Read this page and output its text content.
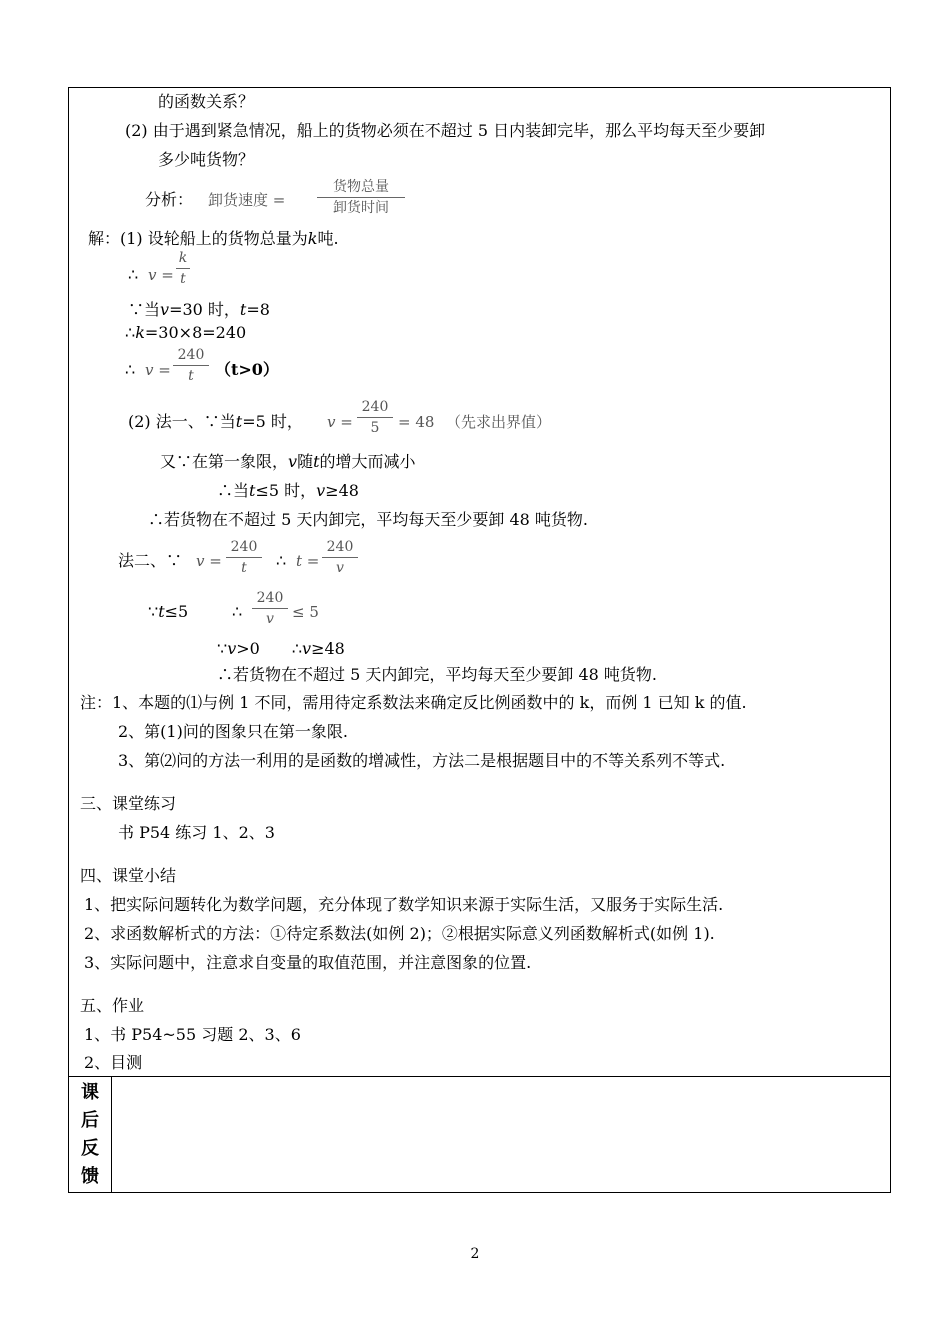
的函数关系？
(2) 由于遇到紧急情况，船上的货物必须在不超过 5 日内装卸完毕，那么平均每天至少要卸
多少吨货物？
分析： 卸货速度 =
货物总量
卸货时间
解：(1) 设轮船上的货物总量为k吨.
∴ v =
k
t
∵当v=30 时，t=8
∴k=30×8=240
∴ v =
240
t	（t>0）
(2) 法一、∵当t=5 时， v =
240
5	= 48 （先求出界值）
又∵在第一象限，v随t的增大而减小
∴当t≤5 时，v≥48
∴若货物在不超过 5 天内卸完，平均每天至少要卸 48 吨货物.
法二、∵ v =
240
t	∴ t =
240
v
∵t≤5	∴
240
v	≤ 5
∵v>0 ∴v≥48
∴若货物在不超过 5 天内卸完，平均每天至少要卸 48 吨货物.
注：1、本题的⑴与例 1 不同，需用待定系数法来确定反比例函数中的 k，而例 1 已知 k 的值.
2、第(1)问的图象只在第一象限.
3、第⑵问的方法一利用的是函数的增减性，方法二是根据题目中的不等关系列不等式.
三、课堂练习
书 P54 练习 1、2、3
四、课堂小结
1、把实际问题转化为数学问题，充分体现了数学知识来源于实际生活，又服务于实际生活.
2、求函数解析式的方法：①待定系数法(如例 2)；②根据实际意义列函数解析式(如例 1).
3、实际问题中，注意求自变量的取值范围，并注意图象的位置.
五、作业
1、书 P54~55 习题 2、3、6
2、目测
课
后
反
馈
2
